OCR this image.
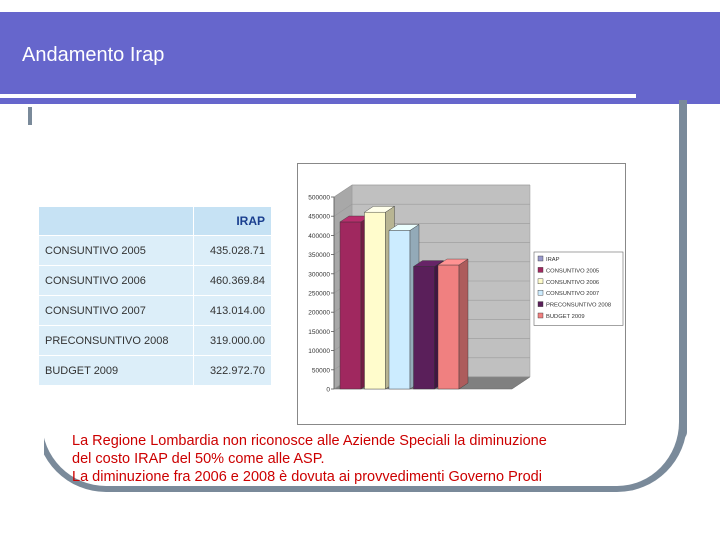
Andamento Irap
	IRAP
CONSUNTIVO 2005	435.028.71
CONSUNTIVO 2006	460.369.84
CONSUNTIVO 2007	413.014.00
PRECONSUNTIVO 2008	319.000.00
BUDGET 2009	322.972.70
500000
450000
400000
350000
300000
250000
200000
150000
100000
50000
0
IRAP
CONSUNTIVO 2005
CONSUNTIVO 2006
CONSUNTIVO 2007
PRECONSUNTIVO 2008
BUDGET 2009
La Regione Lombardia non riconosce alle Aziende Speciali la diminuzione
del costo IRAP del 50% come alle ASP.
La diminuzione fra 2006 e 2008 è dovuta ai provvedimenti Governo Prodi
